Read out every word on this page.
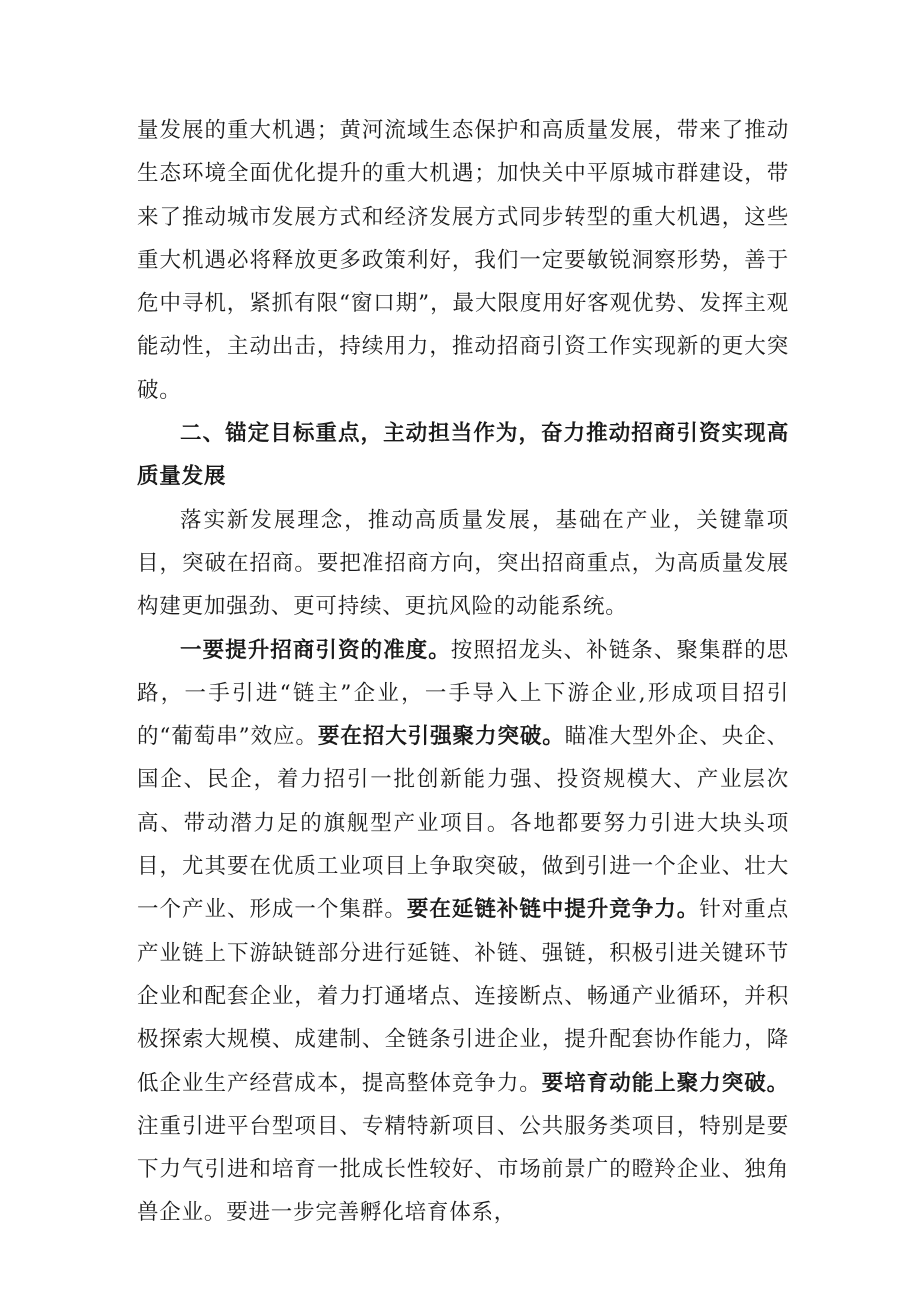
量发展的重大机遇；黄河流域生态保护和高质量发展，带来了推动生态环境全面优化提升的重大机遇；加快关中平原城市群建设，带来了推动城市发展方式和经济发展方式同步转型的重大机遇，这些重大机遇必将释放更多政策利好，我们一定要敏锐洞察形势，善于危中寻机，紧抓有限“窗口期”，最大限度用好客观优势、发挥主观能动性，主动出击，持续用力，推动招商引资工作实现新的更大突破。

二、锚定目标重点，主动担当作为，奋力推动招商引资实现高质量发展

落实新发展理念，推动高质量发展，基础在产业，关键靠项目，突破在招商。要把准招商方向，突出招商重点，为高质量发展构建更加强劲、更可持续、更抗风险的动能系统。

一要提升招商引资的准度。按照招龙头、补链条、聚集群的思路，一手引进“链主”企业，一手导入上下游企业,形成项目招引的“葡萄串”效应。要在招大引强聚力突破。瞄准大型外企、央企、国企、民企，着力招引一批创新能力强、投资规模大、产业层次高、带动潜力足的旗舰型产业项目。各地都要努力引进大块头项目，尤其要在优质工业项目上争取突破，做到引进一个企业、壮大一个产业、形成一个集群。要在延链补链中提升竞争力。针对重点产业链上下游缺链部分进行延链、补链、强链，积极引进关键环节企业和配套企业，着力打通堵点、连接断点、畅通产业循环，并积极探索大规模、成建制、全链条引进企业，提升配套协作能力，降低企业生产经营成本，提高整体竞争力。要培育动能上聚力突破。注重引进平台型项目、专精特新项目、公共服务类项目，特别是要下力气引进和培育一批成长性较好、市场前景广的瞪羚企业、独角兽企业。要进一步完善孵化培育体系，
